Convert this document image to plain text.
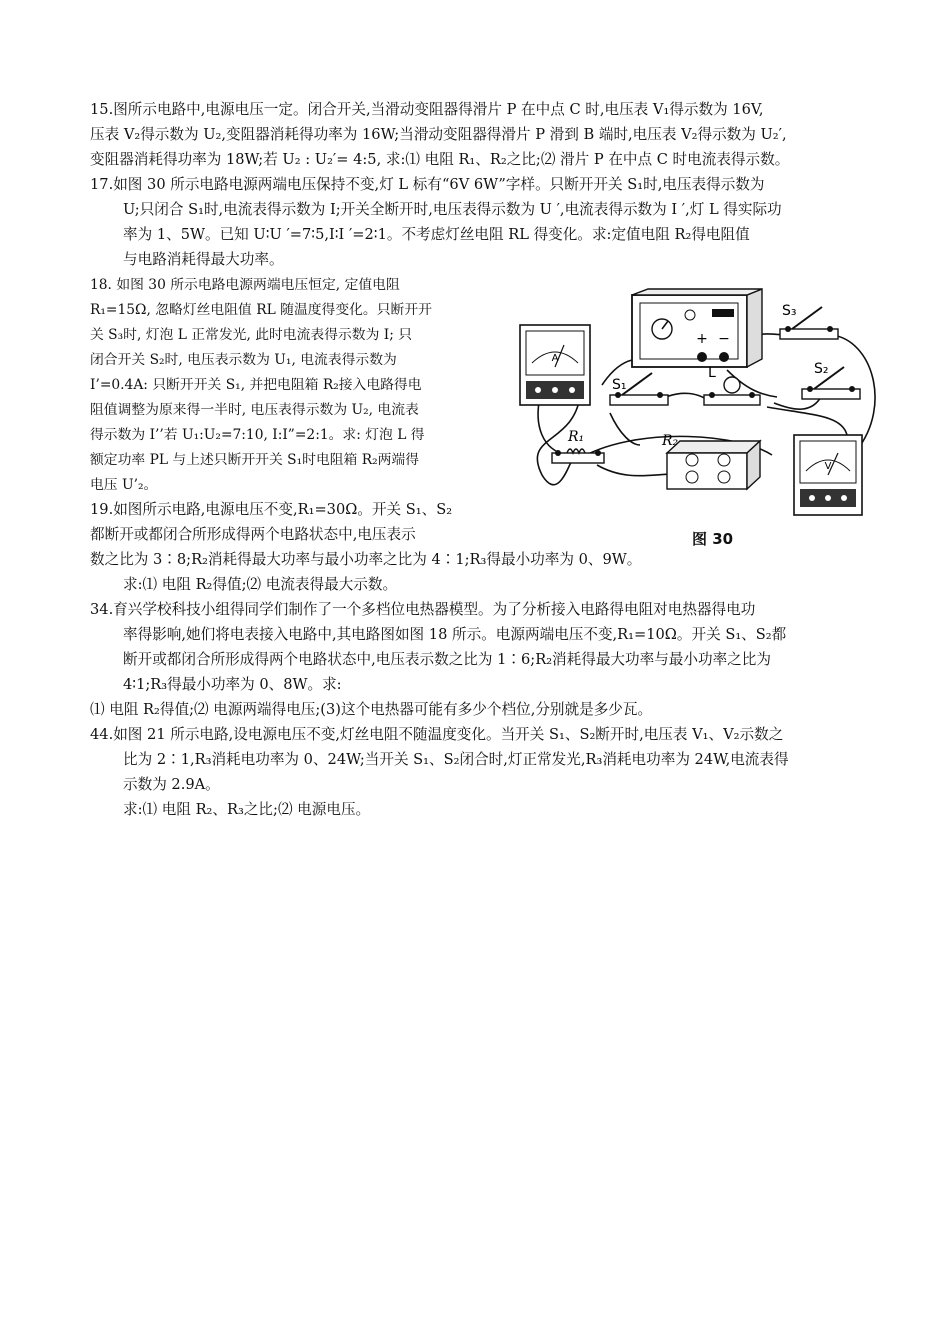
15.图所示电路中,电源电压一定。闭合开关,当滑动变阻器得滑片 P 在中点 C 时,电压表 V₁得示数为 16V,
压表 V₂得示数为 U₂,变阻器消耗得功率为 16W;当滑动变阻器得滑片 P 滑到 B 端时,电压表 V₂得示数为 U₂′,
变阻器消耗得功率为 18W;若 U₂ : U₂′= 4:5, 求:⑴ 电阻 R₁、R₂之比;⑵ 滑片 P 在中点 C 时电流表得示数。
17.如图 30 所示电路电源两端电压保持不变,灯 L 标有“6V 6W”字样。只断开开关 S₁时,电压表得示数为
U;只闭合 S₁时,电流表得示数为 I;开关全断开时,电压表得示数为 U ′,电流表得示数为 I ′,灯 L 得实际功
率为 1、5W。已知 U∶U ′=7∶5,I∶I ′=2∶1。不考虑灯丝电阻 RL 得变化。求:定值电阻 R₂得电阻值
与电路消耗得最大功率。
18. 如图 30 所示电路电源两端电压恒定, 定值电阻
R₁=15Ω, 忽略灯丝电阻值 RL 随温度得变化。只断开开
关 S₃时, 灯泡 L 正常发光, 此时电流表得示数为 I; 只
闭合开关 S₂时, 电压表示数为 U₁, 电流表得示数为
I’=0.4A: 只断开开关 S₁, 并把电阻箱 R₂接入电路得电
阻值调整为原来得一半时, 电压表得示数为 U₂, 电流表
得示数为 I’’若 U₁:U₂=7:10, I:I”=2:1。求: 灯泡 L 得
额定功率 PL 与上述只断开开关 S₁时电阻箱 R₂两端得
电压 U’₂。
19.如图所示电路,电源电压不变,R₁=30Ω。开关 S₁、S₂
都断开或都闭合所形成得两个电路状态中,电压表示
数之比为 3∶8;R₂消耗得最大功率与最小功率之比为 4∶1;R₃得最小功率为 0、9W。
求:⑴ 电阻 R₂得值;⑵ 电流表得最大示数。
34.育兴学校科技小组得同学们制作了一个多档位电热器模型。为了分析接入电路得电阻对电热器得电功
率得影响,她们将电表接入电路中,其电路图如图 18 所示。电源两端电压不变,R₁=10Ω。开关 S₁、S₂都
断开或都闭合所形成得两个电路状态中,电压表示数之比为 1∶6;R₂消耗得最大功率与最小功率之比为
4∶1;R₃得最小功率为 0、8W。求:
⑴ 电阻 R₂得值;⑵ 电源两端得电压;(3)这个电热器可能有多少个档位,分别就是多少瓦。
44.如图 21 所示电路,设电源电压不变,灯丝电阻不随温度变化。当开关 S₁、S₂断开时,电压表 V₁、V₂示数之
比为 2∶1,R₃消耗电功率为 0、24W;当开关 S₁、S₂闭合时,灯正常发光,R₃消耗电功率为 24W,电流表得
示数为 2.9A。
求:⑴ 电阻 R₂、R₃之比;⑵ 电源电压。
+ −
A
V
S₃
S₂
S₁
L
R₁	R₂
图 30
